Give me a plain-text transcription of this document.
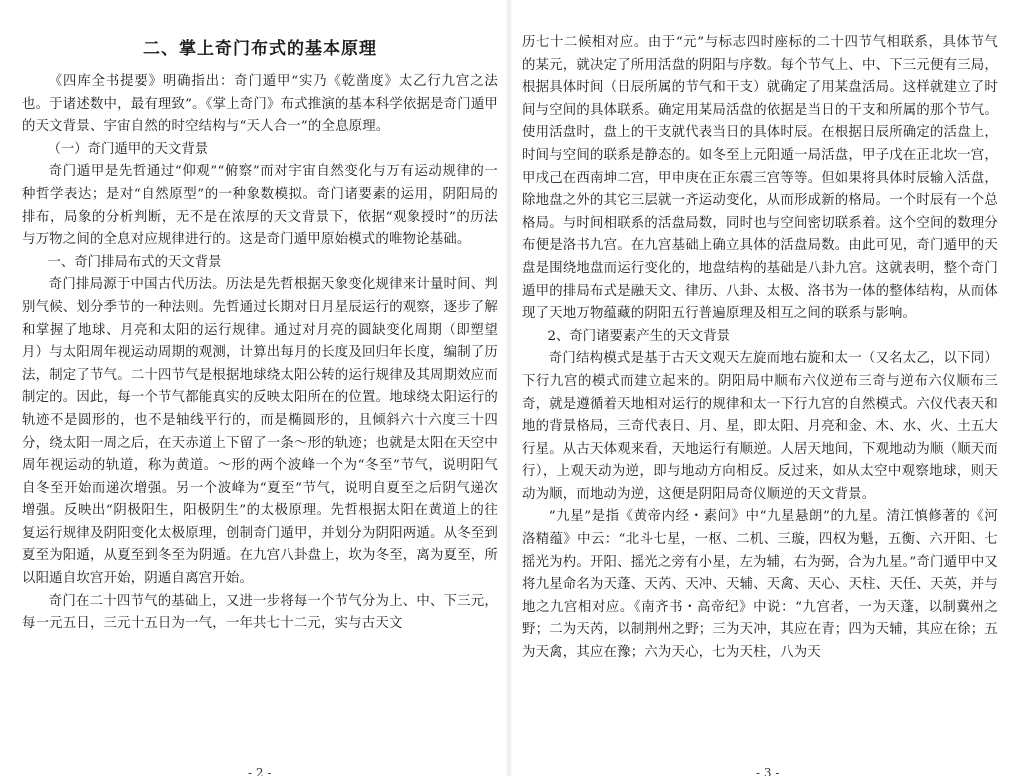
二、掌上奇门布式的基本原理

《四库全书提要》明确指出：奇门遁甲“实乃《乾凿度》太乙行九宫之法也。于诸述数中，最有理致”。《掌上奇门》布式推演的基本科学依据是奇门遁甲的天文背景、宇宙自然的时空结构与“天人合一”的全息原理。

（一）奇门遁甲的天文背景

奇门遁甲是先哲通过“仰观”“俯察”而对宇宙自然变化与万有运动规律的一种哲学表达；是对“自然原型”的一种象数模拟。奇门诸要素的运用，阴阳局的排布，局象的分析判断，无不是在浓厚的天文背景下，依据“观象授时”的历法与万物之间的全息对应规律进行的。这是奇门遁甲原始模式的唯物论基础。

一、奇门排局布式的天文背景

奇门排局源于中国古代历法。历法是先哲根据天象变化规律来计量时间、判别气候、划分季节的一种法则。先哲通过长期对日月星辰运行的观察，逐步了解和掌握了地球、月亮和太阳的运行规律。通过对月亮的圆缺变化周期（即塑望月）与太阳周年视运动周期的观测，计算出每月的长度及回归年长度，编制了历法，制定了节气。二十四节气是根据地球绕太阳公转的运行规律及其周期效应而制定的。因此，每一个节气都能真实的反映太阳所在的位置。地球绕太阳运行的轨迹不是圆形的，也不是轴线平行的，而是椭圆形的，且倾斜六十六度三十四分，绕太阳一周之后，在天赤道上下留了一条～形的轨迹；也就是太阳在天空中周年视运动的轨道，称为黄道。～形的两个波峰一个为“冬至”节气，说明阳气自冬至开始而递次增强。另一个波峰为“夏至”节气，说明自夏至之后阴气递次增强。反映出“阴极阳生，阳极阴生”的太极原理。先哲根据太阳在黄道上的往复运行规律及阴阳变化太极原理，创制奇门遁甲，并划分为阴阳两遁。从冬至到夏至为阳遁，从夏至到冬至为阴遁。在九宫八卦盘上，坎为冬至，离为夏至，所以阳遁自坎宫开始，阴遁自离宫开始。

奇门在二十四节气的基础上，又进一步将每一个节气分为上、中、下三元，每一元五日，三元十五日为一气，一年共七十二元，实与古天文

- 2 -

历七十二候相对应。由于“元”与标志四时座标的二十四节气相联系，具体节气的某元，就决定了所用活盘的阴阳与序数。每个节气上、中、下三元便有三局，根据具体时间（日辰所属的节气和干支）就确定了用某盘活局。这样就建立了时间与空间的具体联系。确定用某局活盘的依据是当日的干支和所属的那个节气。使用活盘时，盘上的干支就代表当日的具体时辰。在根据日辰所确定的活盘上，时间与空间的联系是静态的。如冬至上元阳遁一局活盘，甲子戊在正北坎一宫，甲戌己在西南坤二宫，甲申庚在正东震三宫等等。但如果将具体时辰输入活盘，除地盘之外的其它三层就一齐运动变化，从而形成新的格局。一个时辰有一个总格局。与时间相联系的活盘局数，同时也与空间密切联系着。这个空间的数理分布便是洛书九宫。在九宫基础上确立具体的活盘局数。由此可见，奇门遁甲的天盘是围绕地盘而运行变化的，地盘结构的基础是八卦九宫。这就表明，整个奇门遁甲的排局布式是融天文、律历、八卦、太极、洛书为一体的整体结构，从而体现了天地万物蕴藏的阴阳五行普遍原理及相互之间的联系与影响。

2、奇门诸要素产生的天文背景

奇门结构模式是基于古天文观天左旋而地右旋和太一（又名太乙，以下同）下行九宫的模式而建立起来的。阴阳局中顺布六仪逆布三奇与逆布六仪顺布三奇，就是遵循着天地相对运行的规律和太一下行九宫的自然模式。六仪代表天和地的背景格局，三奇代表日、月、星，即太阳、月亮和金、木、水、火、土五大行星。从古天体观来看，天地运行有顺逆。人居天地间，下观地动为顺（顺天而行），上观天动为逆，即与地动方向相反。反过来，如从太空中观察地球，则天动为顺，而地动为逆，这便是阴阳局奇仪顺逆的天文背景。

“九星”是指《黄帝内经・素问》中“九星悬朗”的九星。清江慎修著的《河洛精蕴》中云：“北斗七星，一枢、二机、三璇，四权为魁，五衡、六开阳、七摇光为杓。开阳、摇光之旁有小星，左为辅，右为弼，合为九星。”奇门遁甲中又将九星命名为天蓬、天芮、天冲、天辅、天禽、天心、天柱、天任、天英，并与地之九宫相对应。《南齐书・高帝纪》中说：“九宫者，一为天蓬，以制冀州之野；二为天芮，以制荆州之野；三为天冲，其应在青；四为天辅，其应在徐；五为天禽，其应在豫；六为天心，七为天柱，八为天

- 3 -
